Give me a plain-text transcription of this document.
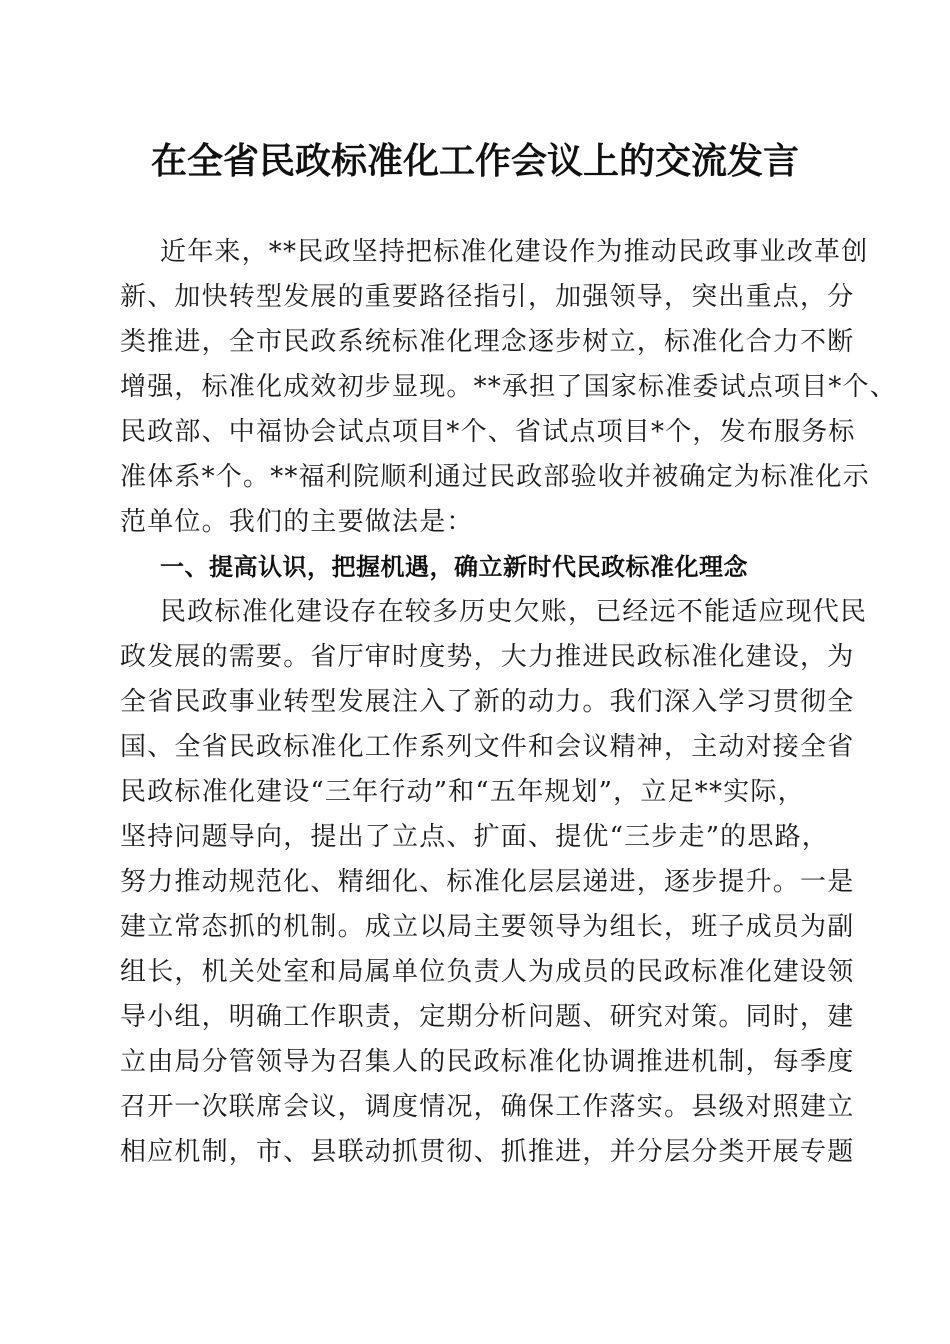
在全省民政标准化工作会议上的交流发言
近年来，**民政坚持把标准化建设作为推动民政事业改革创
新、加快转型发展的重要路径指引，加强领导，突出重点，分
类推进，全市民政系统标准化理念逐步树立，标准化合力不断
增强，标准化成效初步显现。**承担了国家标准委试点项目*个、
民政部、中福协会试点项目*个、省试点项目*个，发布服务标
准体系*个。**福利院顺利通过民政部验收并被确定为标准化示
范单位。我们的主要做法是：
一、提高认识，把握机遇，确立新时代民政标准化理念
民政标准化建设存在较多历史欠账，已经远不能适应现代民
政发展的需要。省厅审时度势，大力推进民政标准化建设，为
全省民政事业转型发展注入了新的动力。我们深入学习贯彻全
国、全省民政标准化工作系列文件和会议精神，主动对接全省
民政标准化建设“三年行动”和“五年规划”，立足**实际，
坚持问题导向，提出了立点、扩面、提优“三步走”的思路，
努力推动规范化、精细化、标准化层层递进，逐步提升。一是
建立常态抓的机制。成立以局主要领导为组长，班子成员为副
组长，机关处室和局属单位负责人为成员的民政标准化建设领
导小组，明确工作职责，定期分析问题、研究对策。同时，建
立由局分管领导为召集人的民政标准化协调推进机制，每季度
召开一次联席会议，调度情况，确保工作落实。县级对照建立
相应机制，市、县联动抓贯彻、抓推进，并分层分类开展专题
